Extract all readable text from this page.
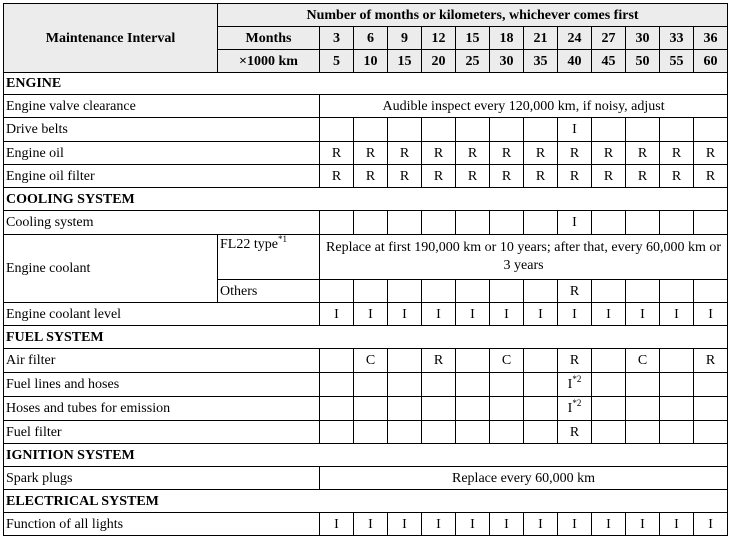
Maintenance Interval	Number of months or kilometers, whichever comes first												
	Months	3	6	9	12	15	18	21	24	27	30	33	36
	×1000 km	5	10	15	20	25	30	35	40	45	50	55	60
ENGINE													
Engine valve clearance		Audible inspect every 120,000 km, if noisy, adjust											
Drive belts									I				
Engine oil		R	R	R	R	R	R	R	R	R	R	R	R
Engine oil filter		R	R	R	R	R	R	R	R	R	R	R	R
COOLING SYSTEM													
Cooling system									I				
Engine coolant	FL22 type$^{*1}$	Replace at first 190,000 km or 10 years; after that, every 60,000 km or 3 years											
	Others								R				
Engine coolant level		I	I	I	I	I	I	I	I	I	I	I	I
FUEL SYSTEM													
Air filter			C		R		C		R		C		R
Fuel lines and hoses									$I^{*2}$				
Hoses and tubes for emission									$I^{*2}$				
Fuel filter									R				
IGNITION SYSTEM													
Spark plugs		Replace every 60,000 km											
ELECTRICAL SYSTEM													
Function of all lights		I	I	I	I	I	I	I	I	I	I	I	I
